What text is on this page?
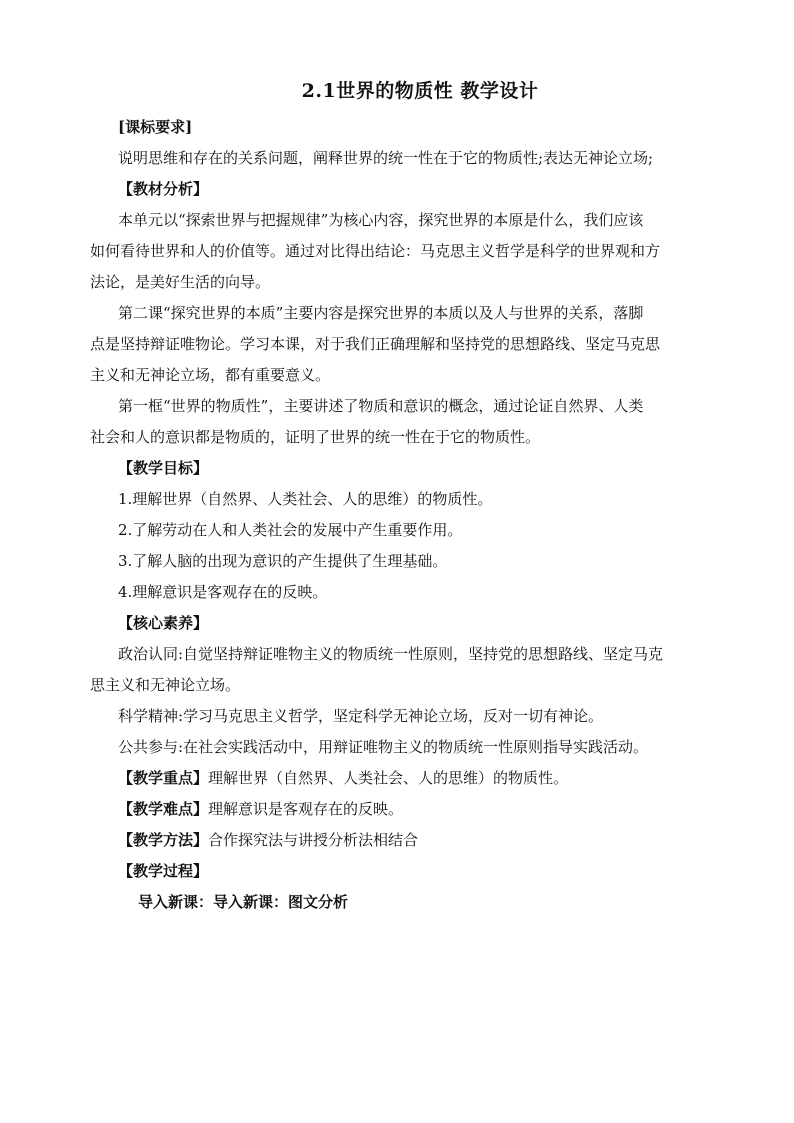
2.1世界的物质性 教学设计

[课标要求]

说明思维和存在的关系问题，阐释世界的统一性在于它的物质性;表达无神论立场;

【教材分析】

本单元以“探索世界与把握规律”为核心内容，探究世界的本原是什么，我们应该

如何看待世界和人的价值等。通过对比得出结论：马克思主义哲学是科学的世界观和方

法论，是美好生活的向导。

第二课“探究世界的本质”主要内容是探究世界的本质以及人与世界的关系，落脚

点是坚持辩证唯物论。学习本课，对于我们正确理解和坚持党的思想路线、坚定马克思

主义和无神论立场，都有重要意义。

第一框“世界的物质性”，主要讲述了物质和意识的概念，通过论证自然界、人类

社会和人的意识都是物质的，证明了世界的统一性在于它的物质性。

【教学目标】

1.理解世界（自然界、人类社会、人的思维）的物质性。

2.了解劳动在人和人类社会的发展中产生重要作用。

3.了解人脑的出现为意识的产生提供了生理基础。

4.理解意识是客观存在的反映。

【核心素养】

政治认同:自觉坚持辩证唯物主义的物质统一性原则，坚持党的思想路线、坚定马克

思主义和无神论立场。

科学精神:学习马克思主义哲学，坚定科学无神论立场，反对一切有神论。

公共参与:在社会实践活动中，用辩证唯物主义的物质统一性原则指导实践活动。

【教学重点】理解世界（自然界、人类社会、人的思维）的物质性。

【教学难点】理解意识是客观存在的反映。

【教学方法】合作探究法与讲授分析法相结合

【教学过程】

导入新课：导入新课：图文分析
